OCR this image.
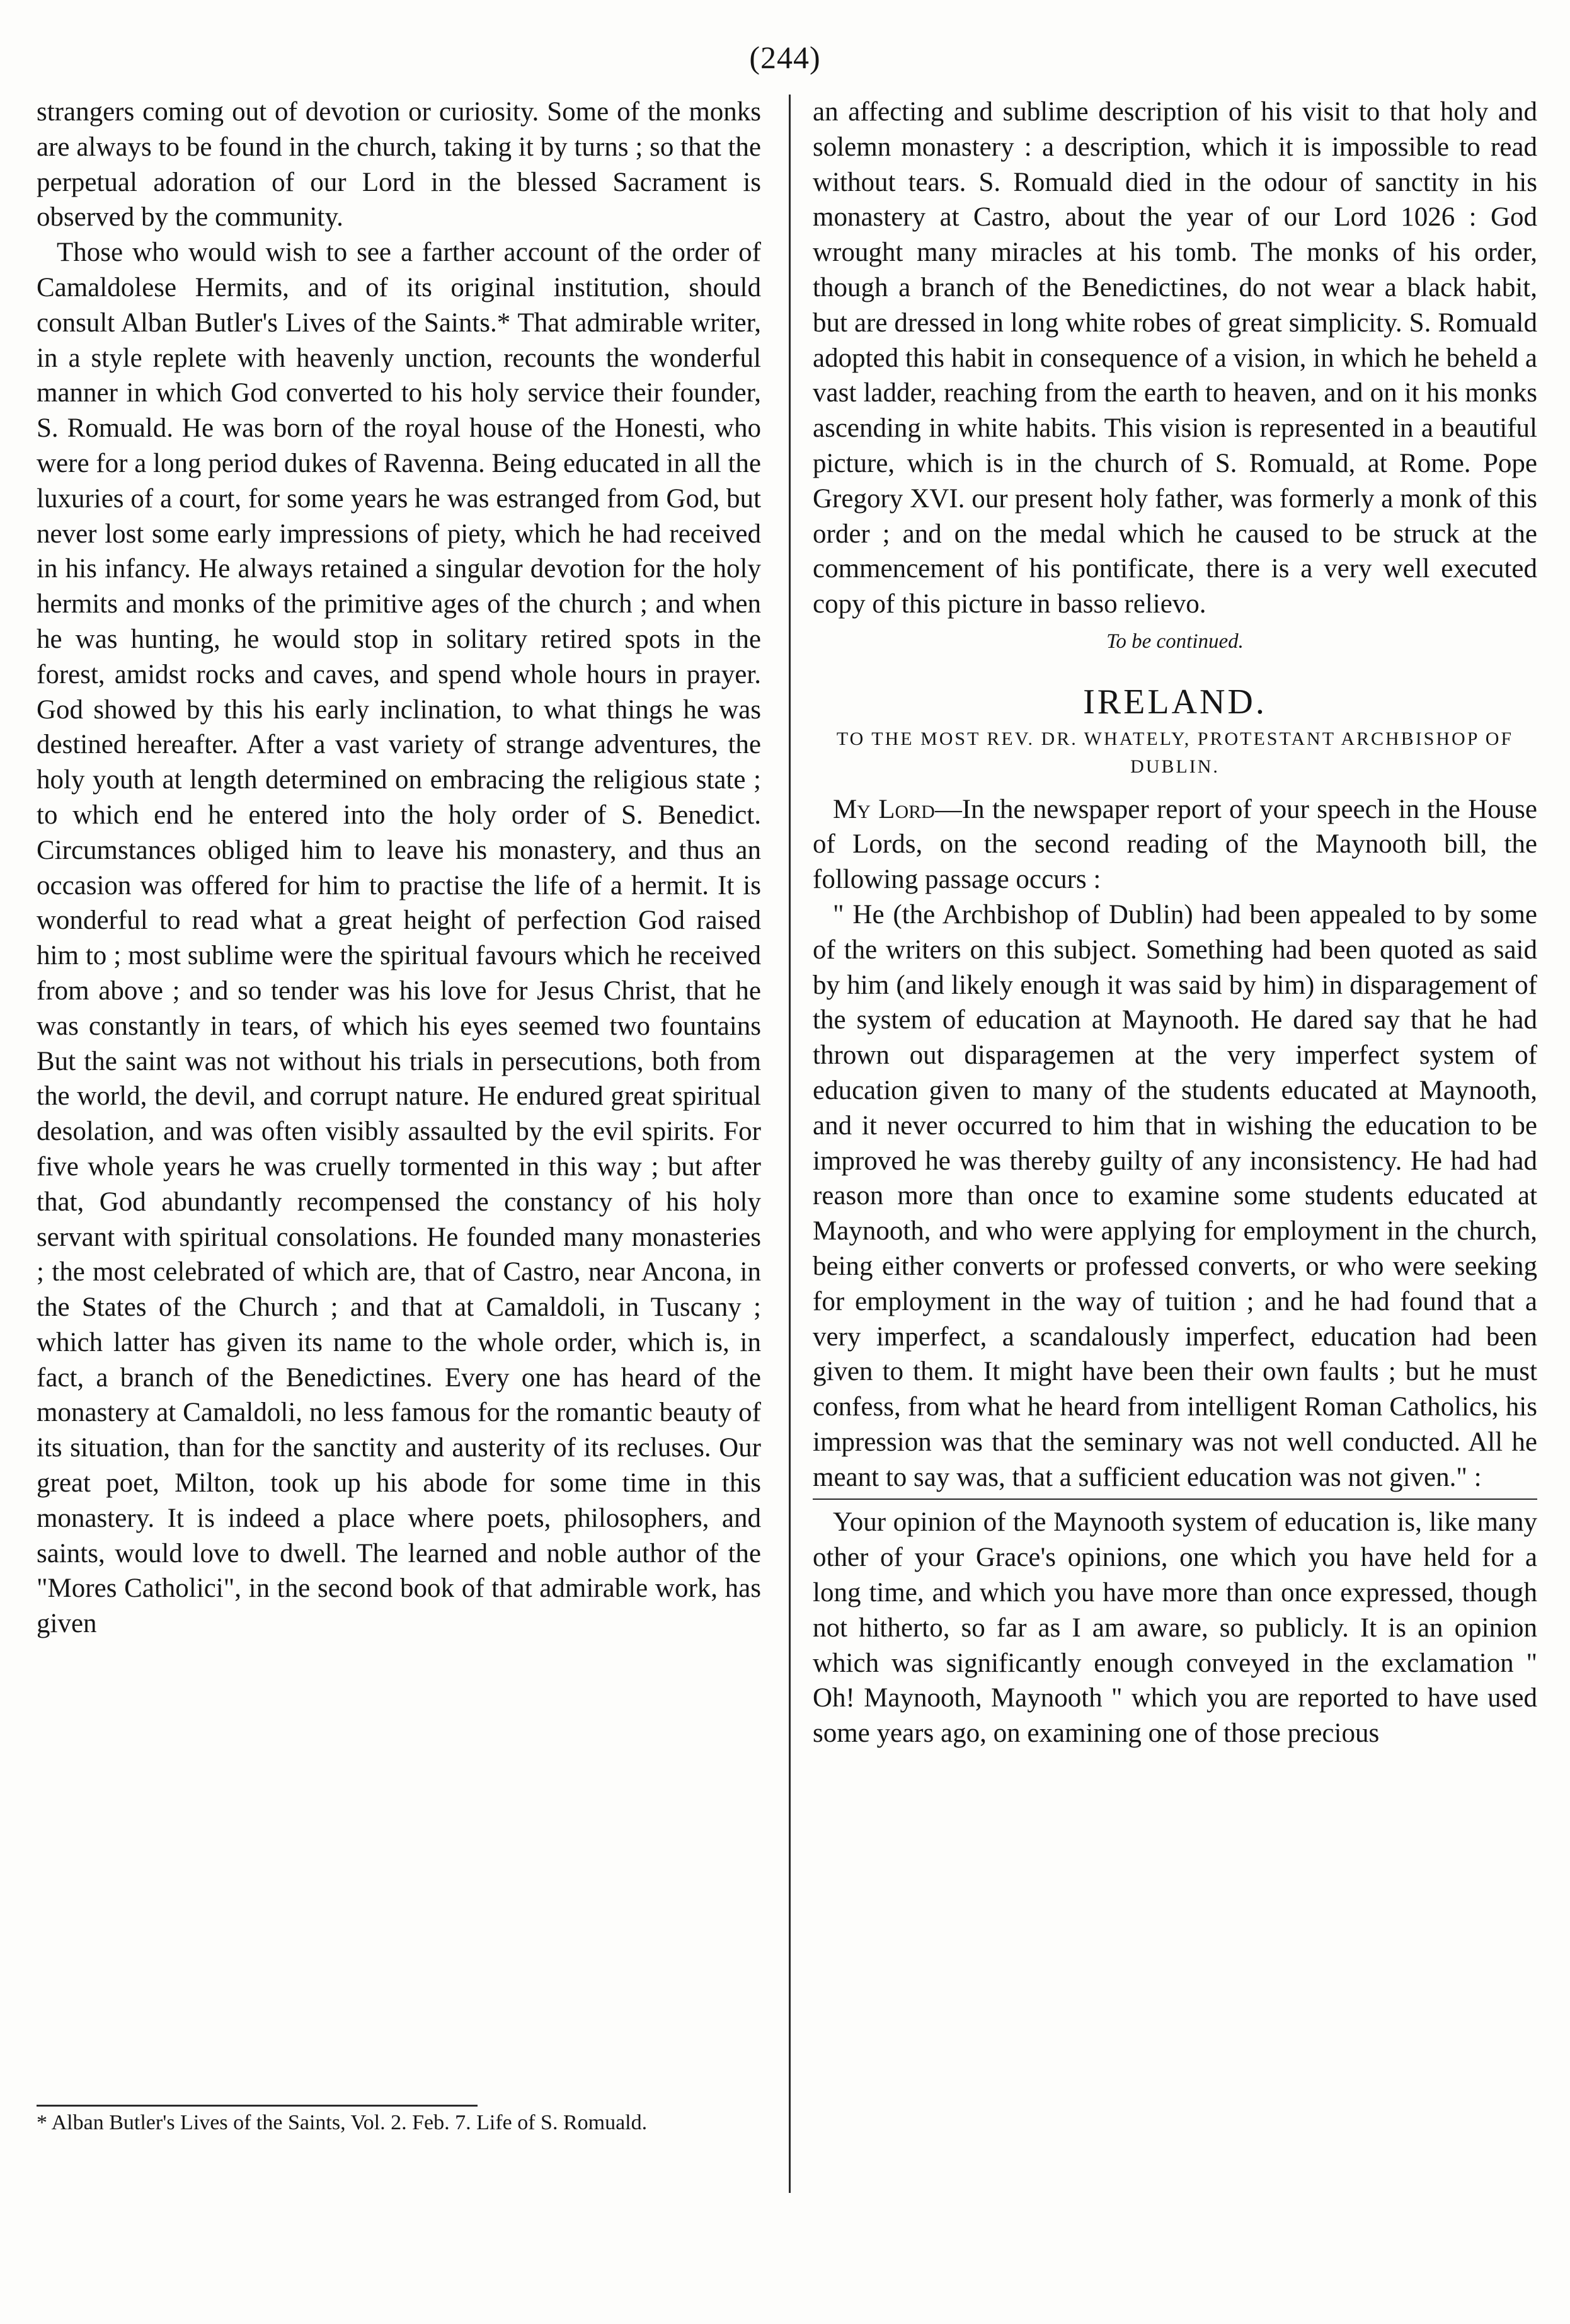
(244)

strangers coming out of devotion or curiosity. Some of the monks are always to be found in the church, taking it by turns ; so that the perpetual adoration of our Lord in the blessed Sacrament is observed by the community.

Those who would wish to see a farther account of the order of Camaldolese Hermits, and of its original institution, should consult Alban Butler's Lives of the Saints.* That admirable writer, in a style replete with heavenly unction, recounts the wonderful manner in which God converted to his holy service their founder, S. Romuald. He was born of the royal house of the Honesti, who were for a long period dukes of Ravenna. Being educated in all the luxuries of a court, for some years he was estranged from God, but never lost some early impressions of piety, which he had received in his infancy. He always retained a singular devotion for the holy hermits and monks of the primitive ages of the church ; and when he was hunting, he would stop in solitary retired spots in the forest, amidst rocks and caves, and spend whole hours in prayer. God showed by this his early inclination, to what things he was destined hereafter. After a vast variety of strange adventures, the holy youth at length determined on embracing the religious state ; to which end he entered into the holy order of S. Benedict. Circumstances obliged him to leave his monastery, and thus an occasion was offered for him to practise the life of a hermit. It is wonderful to read what a great height of perfection God raised him to ; most sublime were the spiritual favours which he received from above ; and so tender was his love for Jesus Christ, that he was constantly in tears, of which his eyes seemed two fountains But the saint was not without his trials in persecutions, both from the world, the devil, and corrupt nature. He endured great spiritual desolation, and was often visibly assaulted by the evil spirits. For five whole years he was cruelly tormented in this way ; but after that, God abundantly recompensed the constancy of his holy servant with spiritual consolations. He founded many monasteries ; the most celebrated of which are, that of Castro, near Ancona, in the States of the Church ; and that at Camaldoli, in Tuscany ; which latter has given its name to the whole order, which is, in fact, a branch of the Benedictines. Every one has heard of the monastery at Camaldoli, no less famous for the romantic beauty of its situation, than for the sanctity and austerity of its recluses. Our great poet, Milton, took up his abode for some time in this monastery. It is indeed a place where poets, philosophers, and saints, would love to dwell. The learned and noble author of the "Mores Catholici", in the second book of that admirable work, has given

an affecting and sublime description of his visit to that holy and solemn monastery : a description, which it is impossible to read without tears. S. Romuald died in the odour of sanctity in his monastery at Castro, about the year of our Lord 1026 : God wrought many miracles at his tomb. The monks of his order, though a branch of the Benedictines, do not wear a black habit, but are dressed in long white robes of great simplicity. S. Romuald adopted this habit in consequence of a vision, in which he beheld a vast ladder, reaching from the earth to heaven, and on it his monks ascending in white habits. This vision is represented in a beautiful picture, which is in the church of S. Romuald, at Rome. Pope Gregory XVI. our present holy father, was formerly a monk of this order ; and on the medal which he caused to be struck at the commencement of his pontificate, there is a very well executed copy of this picture in basso relievo.

To be continued.
IRELAND.
TO THE MOST REV. DR. WHATELY, PROTESTANT ARCHBISHOP OF DUBLIN.

My Lord—In the newspaper report of your speech in the House of Lords, on the second reading of the Maynooth bill, the following passage occurs :

" He (the Archbishop of Dublin) had been appealed to by some of the writers on this subject. Something had been quoted as said by him (and likely enough it was said by him) in disparagement of the system of education at Maynooth. He dared say that he had thrown out disparagemen at the very imperfect system of education given to many of the students educated at Maynooth, and it never occurred to him that in wishing the education to be improved he was thereby guilty of any inconsistency. He had had reason more than once to examine some students educated at Maynooth, and who were applying for employment in the church, being either converts or professed converts, or who were seeking for employment in the way of tuition ; and he had found that a very imperfect, a scandalously imperfect, education had been given to them. It might have been their own faults ; but he must confess, from what he heard from intelligent Roman Catholics, his impression was that the seminary was not well conducted. All he meant to say was, that a sufficient education was not given." :

Your opinion of the Maynooth system of education is, like many other of your Grace's opinions, one which you have held for a long time, and which you have more than once expressed, though not hitherto, so far as I am aware, so publicly. It is an opinion which was significantly enough conveyed in the exclamation " Oh! Maynooth, Maynooth " which you are reported to have used some years ago, on examining one of those precious

* Alban Butler's Lives of the Saints, Vol. 2. Feb. 7. Life of S. Romuald.
